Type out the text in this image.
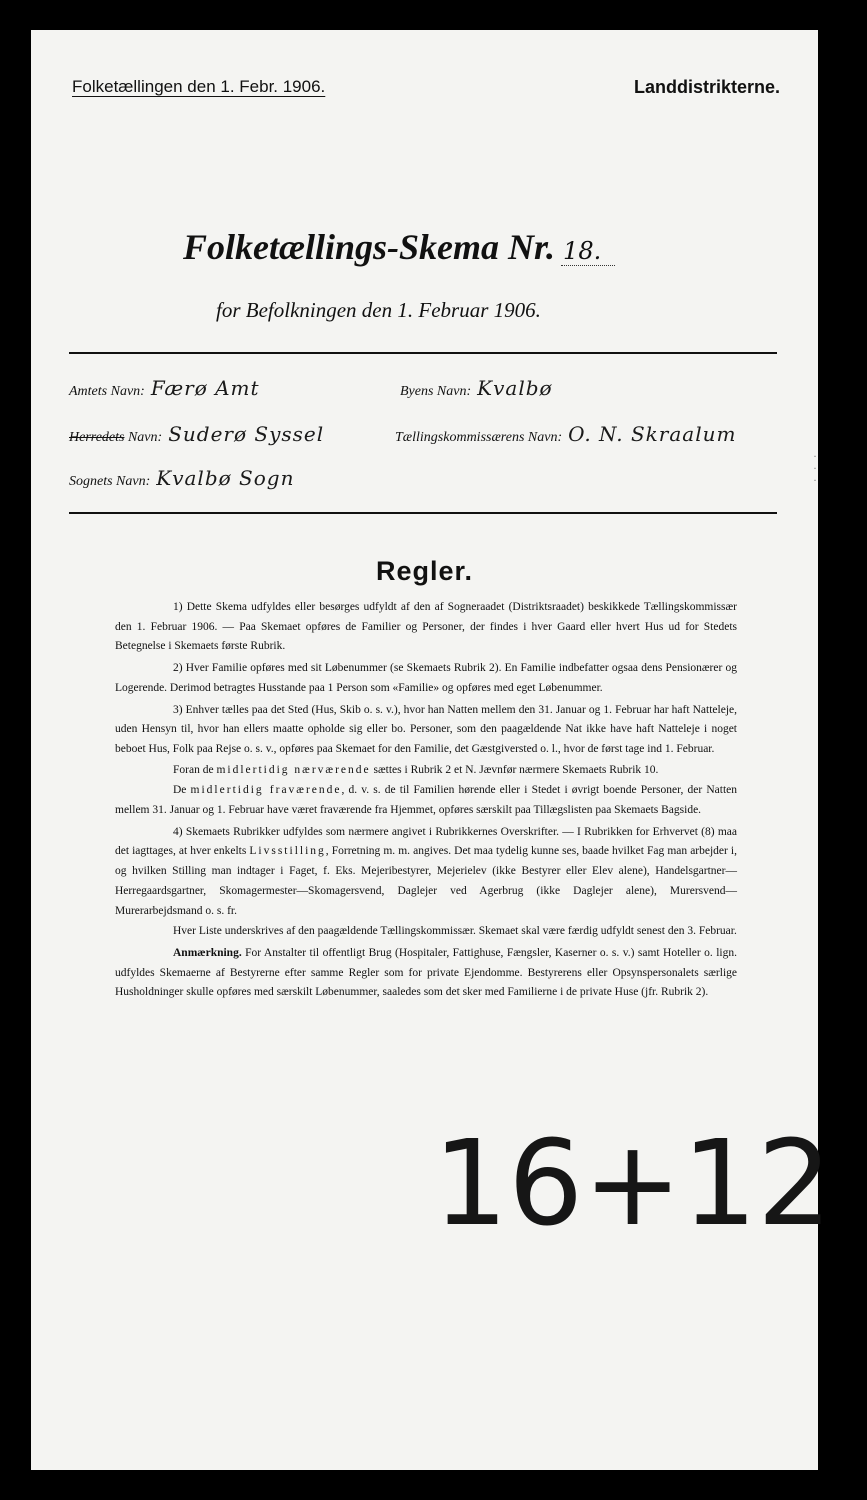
Folketællingen den 1. Febr. 1906.	Landdistrikterne.
Folketællings-Skema Nr. 18.
for Befolkningen den 1. Februar 1906.
Amtets Navn: Færø Amt	Byens Navn: Kvalbø
Herredets Navn: Suderø Syssel	Tællingskommissærens Navn: O. N. Skraalum
Sognets Navn: Kvalbø Sogn
Regler.

1) Dette Skema udfyldes eller besørges udfyldt af den af Sogneraadet (Distriktsraadet) beskikkede Tællingskommissær den 1. Februar 1906. — Paa Skemaet opføres de Familier og Personer, der findes i hver Gaard eller hvert Hus ud for Stedets Betegnelse i Skemaets første Rubrik.

2) Hver Familie opføres med sit Løbenummer (se Skemaets Rubrik 2). En Familie indbefatter ogsaa dens Pensionærer og Logerende. Derimod betragtes Husstande paa 1 Person som «Familie» og opføres med eget Løbenummer.

3) Enhver tælles paa det Sted (Hus, Skib o. s. v.), hvor han Natten mellem den 31. Januar og 1. Februar har haft Natteleje, uden Hensyn til, hvor han ellers maatte opholde sig eller bo. Personer, som den paagældende Nat ikke have haft Natteleje i noget beboet Hus, Folk paa Rejse o. s. v., opføres paa Skemaet for den Familie, det Gæstgiversted o. l., hvor de først tage ind 1. Februar.

Foran de midlertidig nærværende sættes i Rubrik 2 et N. Jævnfør nærmere Skemaets Rubrik 10.

De midlertidig fraværende, d. v. s. de til Familien hørende eller i Stedet i øvrigt boende Personer, der Natten mellem 31. Januar og 1. Februar have været fraværende fra Hjemmet, opføres særskilt paa Tillægslisten paa Skemaets Bagside.

4) Skemaets Rubrikker udfyldes som nærmere angivet i Rubrikkernes Overskrifter. — I Rubrikken for Erhvervet (8) maa det iagttages, at hver enkelts Livsstilling, Forretning m. m. angives. Det maa tydelig kunne ses, baade hvilket Fag man arbejder i, og hvilken Stilling man indtager i Faget, f. Eks. Mejeribestyrer, Mejerielev (ikke Bestyrer eller Elev alene), Handelsgartner—Herregaardsgartner, Skomagermester—Skomagersvend, Daglejer ved Agerbrug (ikke Daglejer alene), Murersvend—Murerarbejdsmand o. s. fr.

Hver Liste underskrives af den paagældende Tællingskommissær. Skemaet skal være færdig udfyldt senest den 3. Februar.

Anmærkning. For Anstalter til offentligt Brug (Hospitaler, Fattighuse, Fængsler, Kaserner o. s. v.) samt Hoteller o. lign. udfyldes Skemaerne af Bestyrerne efter samme Regler som for private Ejendomme. Bestyrerens eller Opsynspersonalets særlige Husholdninger skulle opføres med særskilt Løbenummer, saaledes som det sker med Familierne i de private Huse (jfr. Rubrik 2).

16+12
·
·
·
